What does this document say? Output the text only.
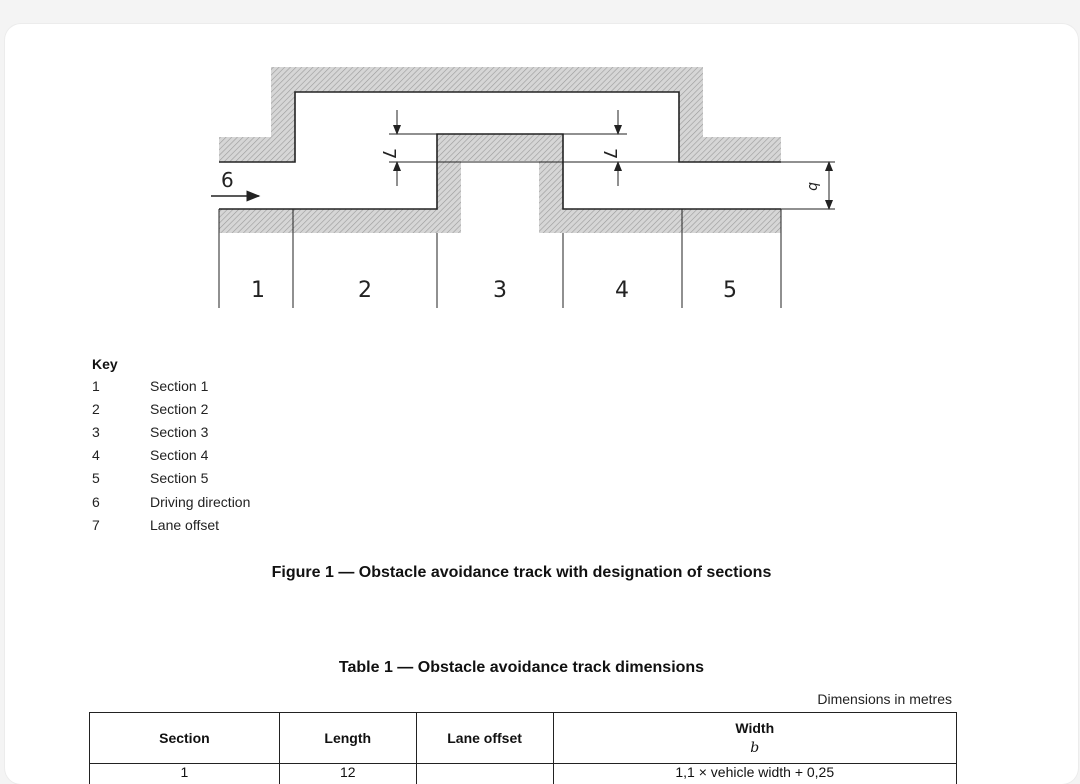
6
7	7
b
1	2	3	4	5
Key
1	Section 1
2	Section 2
3	Section 3
4	Section 4
5	Section 5
6	Driving direction
7	Lane offset
Figure 1 — Obstacle avoidance track with designation of sections
Table 1 — Obstacle avoidance track dimensions
Dimensions in metres
Section	Length	Lane offset	Width
b

1	12		1,1 × vehicle width + 0,25
